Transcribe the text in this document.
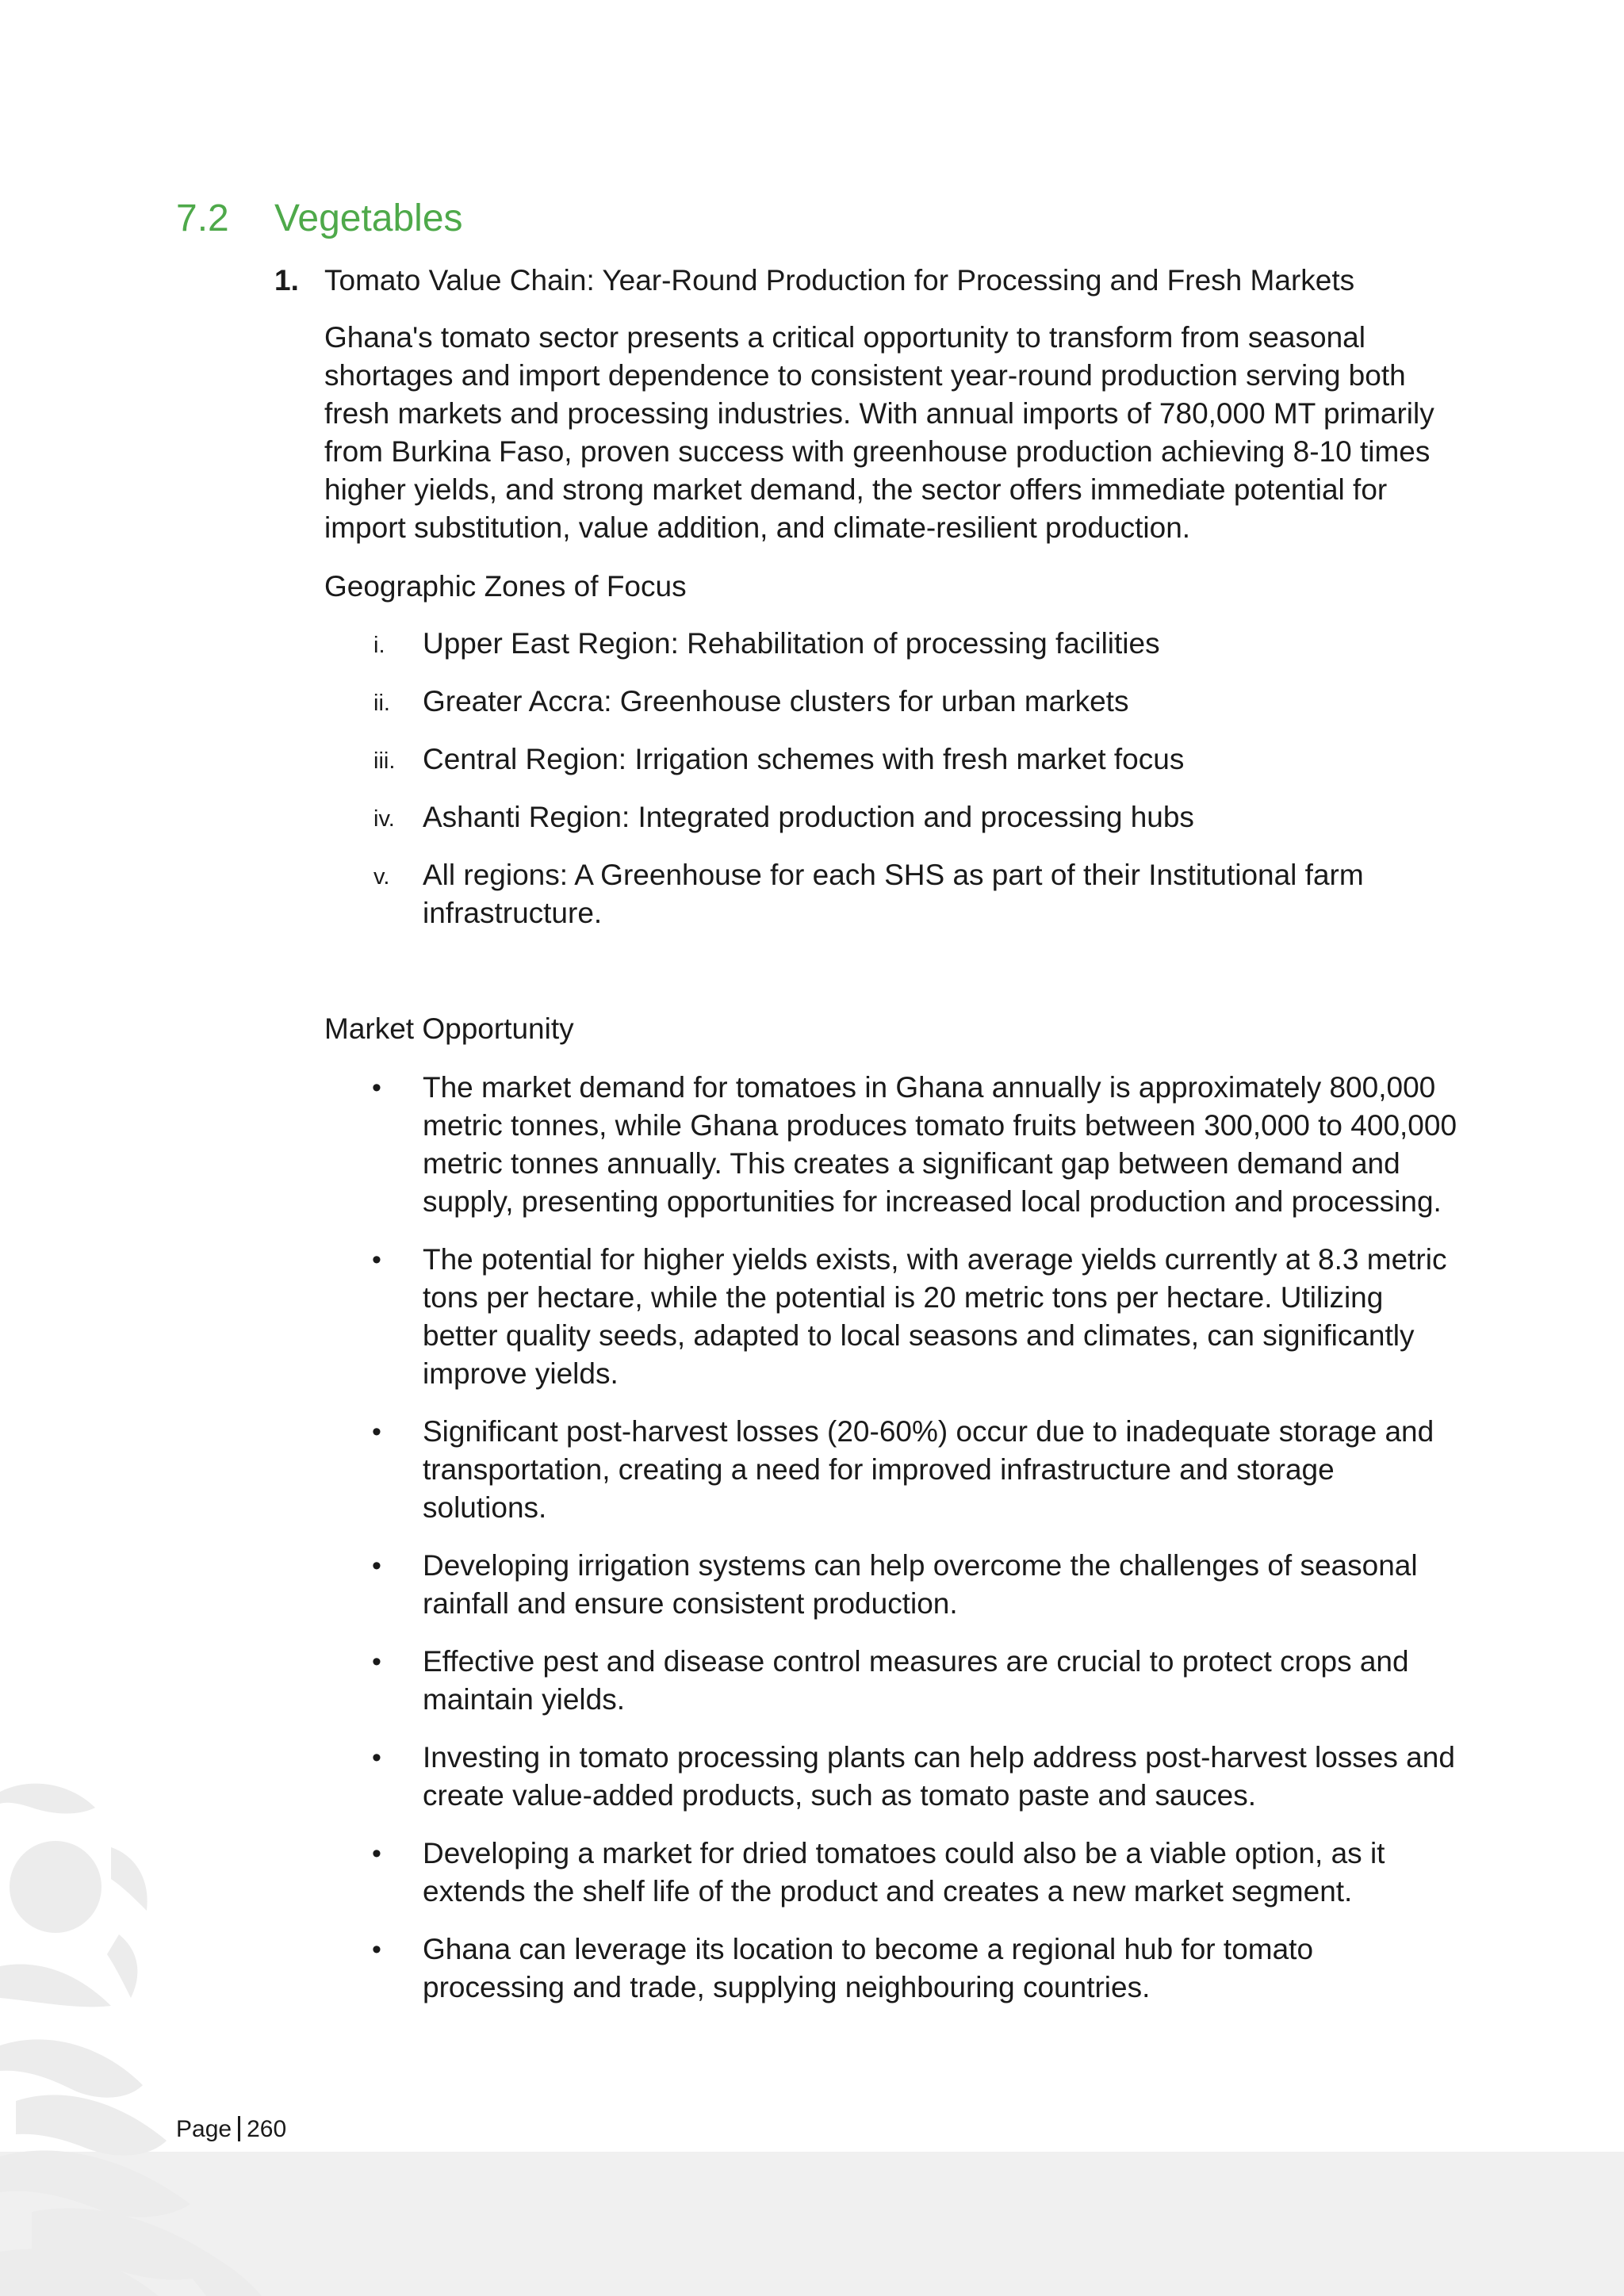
7.2 Vegetables
1. Tomato Value Chain: Year-Round Production for Processing and Fresh Markets
Ghana's tomato sector presents a critical opportunity to transform from seasonal shortages and import dependence to consistent year-round production serving both fresh markets and processing industries. With annual imports of 780,000 MT primarily from Burkina Faso, proven success with greenhouse production achieving 8-10 times higher yields, and strong market demand, the sector offers immediate potential for import substitution, value addition, and climate-resilient production.
Geographic Zones of Focus
i. Upper East Region: Rehabilitation of processing facilities
ii. Greater Accra: Greenhouse clusters for urban markets
iii. Central Region: Irrigation schemes with fresh market focus
iv. Ashanti Region: Integrated production and processing hubs
v. All regions: A Greenhouse for each SHS as part of their Institutional farm infrastructure.
Market Opportunity
• The market demand for tomatoes in Ghana annually is approximately 800,000 metric tonnes, while Ghana produces tomato fruits between 300,000 to 400,000 metric tonnes annually. This creates a significant gap between demand and supply, presenting opportunities for increased local production and processing.
• The potential for higher yields exists, with average yields currently at 8.3 metric tons per hectare, while the potential is 20 metric tons per hectare. Utilizing better quality seeds, adapted to local seasons and climates, can significantly improve yields.
• Significant post-harvest losses (20-60%) occur due to inadequate storage and transportation, creating a need for improved infrastructure and storage solutions.
• Developing irrigation systems can help overcome the challenges of seasonal rainfall and ensure consistent production.
• Effective pest and disease control measures are crucial to protect crops and maintain yields.
• Investing in tomato processing plants can help address post-harvest losses and create value-added products, such as tomato paste and sauces.
• Developing a market for dried tomatoes could also be a viable option, as it extends the shelf life of the product and creates a new market segment.
• Ghana can leverage its location to become a regional hub for tomato processing and trade, supplying neighbouring countries.
Page 260
